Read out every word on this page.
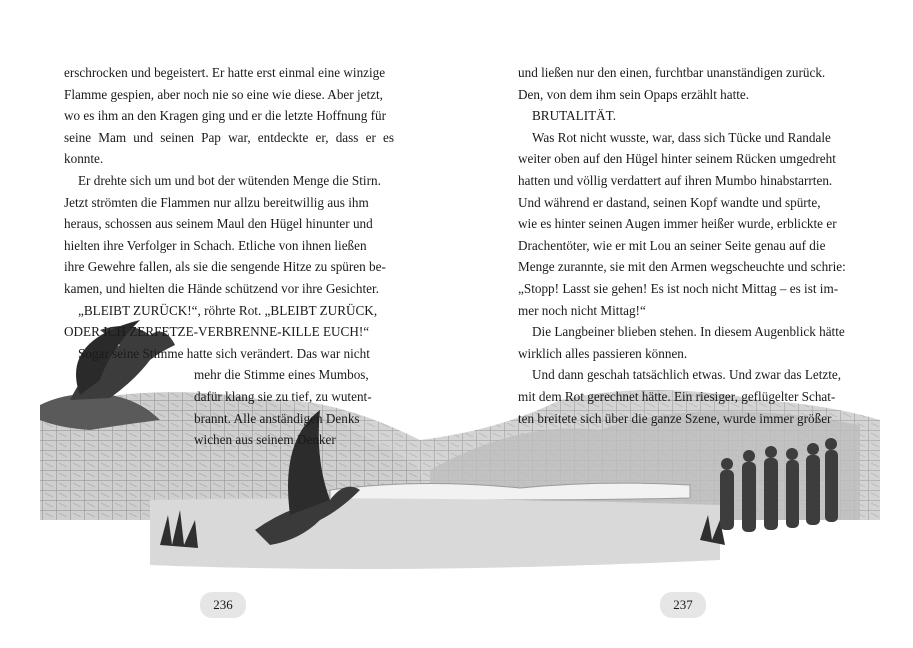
erschrocken und begeistert. Er hatte erst einmal eine winzige

Flamme gespien, aber noch nie so eine wie diese. Aber jetzt,

wo es ihm an den Kragen ging und er die letzte Hoffnung für

seine Mam und seinen Pap war, entdeckte er, dass er es konnte.

Er drehte sich um und bot der wütenden Menge die Stirn.

Jetzt strömten die Flammen nur allzu bereitwillig aus ihm

heraus, schossen aus seinem Maul den Hügel hinunter und

hielten ihre Verfolger in Schach. Etliche von ihnen ließen

ihre Gewehre fallen, als sie die sengende Hitze zu spüren be-

kamen, und hielten die Hände schützend vor ihre Gesichter.

„BLEIBT ZURÜCK!“, röhrte Rot. „BLEIBT ZURÜCK,

ODER ICH ZERFETZE-VERBRENNE-KILLE EUCH!“

Sogar seine Stimme hatte sich verändert. Das war nicht

mehr die Stimme eines Mumbos,

dafür klang sie zu tief, zu wutent-

brannt. Alle anständigen Denks

wichen aus seinem Denker

236

und ließen nur den einen, furchtbar unanständigen zurück.

Den, von dem ihm sein Opaps erzählt hatte.

BRUTALITÄT.

Was Rot nicht wusste, war, dass sich Tücke und Randale

weiter oben auf den Hügel hinter seinem Rücken umgedreht

hatten und völlig verdattert auf ihren Mumbo hinabstarrten.

Und während er dastand, seinen Kopf wandte und spürte,

wie es hinter seinen Augen immer heißer wurde, erblickte er

Drachentöter, wie er mit Lou an seiner Seite genau auf die

Menge zurannte, sie mit den Armen wegscheuchte und schrie:

„Stopp! Lasst sie gehen! Es ist noch nicht Mittag – es ist im-

mer noch nicht Mittag!“

Die Langbeiner blieben stehen. In diesem Augenblick hätte

wirklich alles passieren können.

Und dann geschah tatsächlich etwas. Und zwar das Letzte,

mit dem Rot gerechnet hätte. Ein riesiger, geflügelter Schat-

ten breitete sich über die ganze Szene, wurde immer größer

237
